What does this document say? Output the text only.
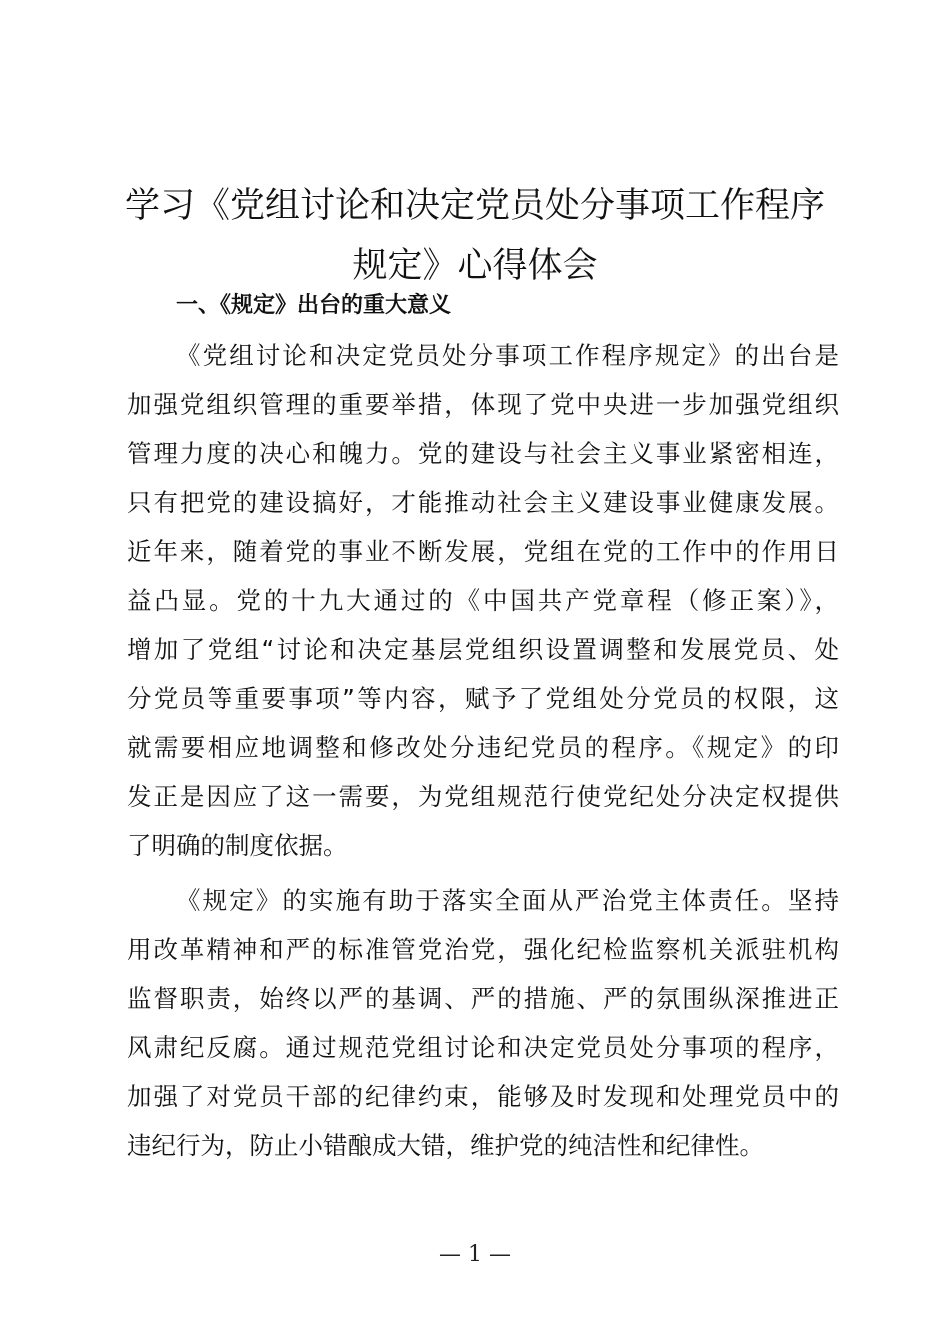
学习《党组讨论和决定党员处分事项工作程序
规定》心得体会
一、《规定》出台的重大意义
《党组讨论和决定党员处分事项工作程序规定》的出台是
加强党组织管理的重要举措，体现了党中央进一步加强党组织
管理力度的决心和魄力。党的建设与社会主义事业紧密相连，
只有把党的建设搞好，才能推动社会主义建设事业健康发展。
近年来，随着党的事业不断发展，党组在党的工作中的作用日
益凸显。党的十九大通过的《中国共产党章程（修正案）》，
增加了党组“讨论和决定基层党组织设置调整和发展党员、处
分党员等重要事项”等内容，赋予了党组处分党员的权限，这
就需要相应地调整和修改处分违纪党员的程序。《规定》的印
发正是因应了这一需要，为党组规范行使党纪处分决定权提供
了明确的制度依据。
《规定》的实施有助于落实全面从严治党主体责任。坚持
用改革精神和严的标准管党治党，强化纪检监察机关派驻机构
监督职责，始终以严的基调、严的措施、严的氛围纵深推进正
风肃纪反腐。通过规范党组讨论和决定党员处分事项的程序，
加强了对党员干部的纪律约束，能够及时发现和处理党员中的
违纪行为，防止小错酿成大错，维护党的纯洁性和纪律性。
— 1 —
